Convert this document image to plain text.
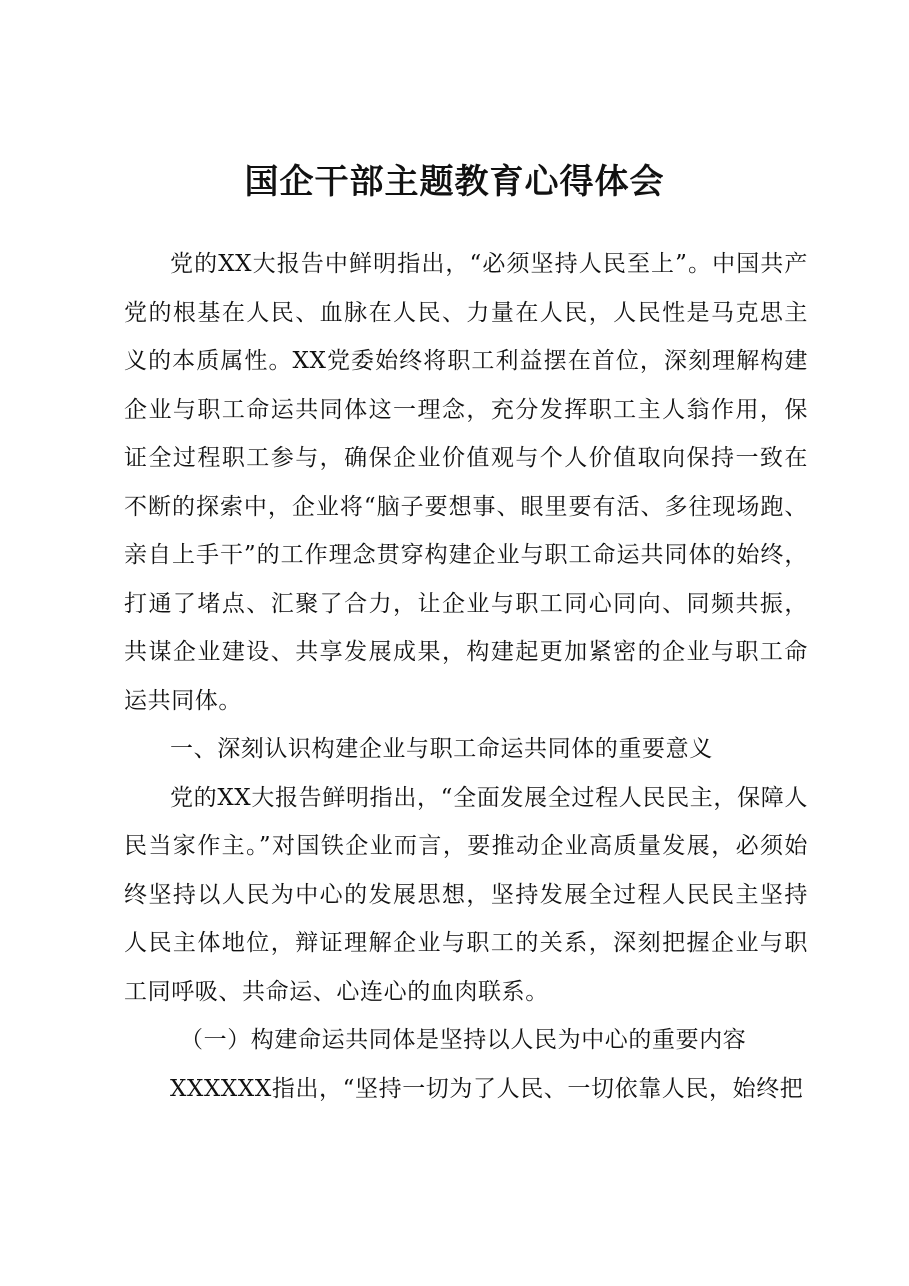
国企干部主题教育心得体会

党的XX大报告中鲜明指出，“必须坚持人民至上”。中国共产党的根基在人民、血脉在人民、力量在人民，人民性是马克思主义的本质属性。XX党委始终将职工利益摆在首位，深刻理解构建企业与职工命运共同体这一理念，充分发挥职工主人翁作用，保证全过程职工参与，确保企业价值观与个人价值取向保持一致在不断的探索中，企业将“脑子要想事、眼里要有活、多往现场跑、亲自上手干”的工作理念贯穿构建企业与职工命运共同体的始终，打通了堵点、汇聚了合力，让企业与职工同心同向、同频共振，共谋企业建设、共享发展成果，构建起更加紧密的企业与职工命运共同体。

一、深刻认识构建企业与职工命运共同体的重要意义

党的XX大报告鲜明指出，“全面发展全过程人民民主，保障人民当家作主。”对国铁企业而言，要推动企业高质量发展，必须始终坚持以人民为中心的发展思想，坚持发展全过程人民民主坚持人民主体地位，辩证理解企业与职工的关系，深刻把握企业与职工同呼吸、共命运、心连心的血肉联系。

（一）构建命运共同体是坚持以人民为中心的重要内容

XXXXXX指出，“坚持一切为了人民、一切依靠人民，始终把
